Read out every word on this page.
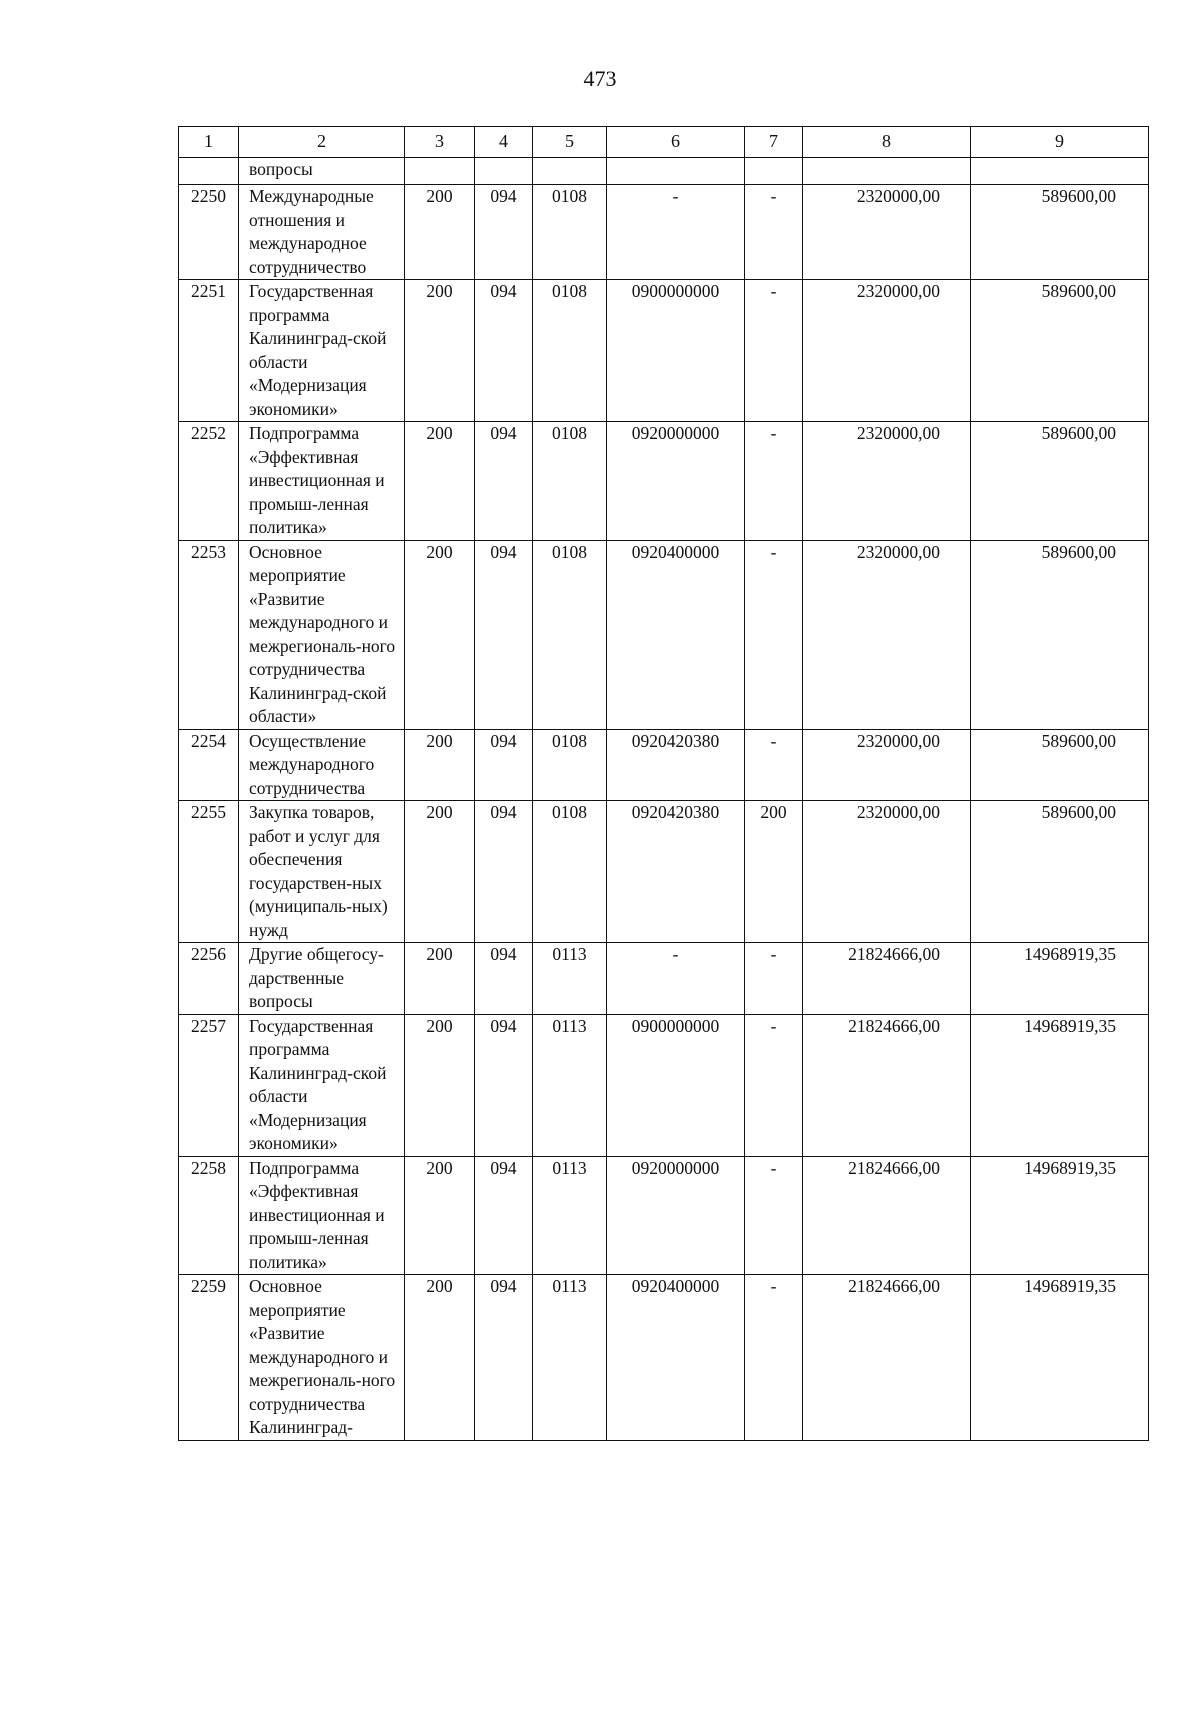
473
1	2	3	4	5	6	7	8	9
	вопросы							
2250	Международные отношения и международное сотрудничество	200	094	0108	-	-	2320000,00	589600,00
2251	Государственная программа Калининград-ской области «Модернизация экономики»	200	094	0108	0900000000	-	2320000,00	589600,00
2252	Подпрограмма «Эффективная инвестиционная и промыш-ленная политика»	200	094	0108	0920000000	-	2320000,00	589600,00
2253	Основное мероприятие «Развитие международного и межрегиональ-ного сотрудничества Калининград-ской области»	200	094	0108	0920400000	-	2320000,00	589600,00
2254	Осуществление международного сотрудничества	200	094	0108	0920420380	-	2320000,00	589600,00
2255	Закупка товаров, работ и услуг для обеспечения государствен-ных (муниципаль-ных) нужд	200	094	0108	0920420380	200	2320000,00	589600,00
2256	Другие общегосу-дарственные вопросы	200	094	0113	-	-	21824666,00	14968919,35
2257	Государственная программа Калининград-ской области «Модернизация экономики»	200	094	0113	0900000000	-	21824666,00	14968919,35
2258	Подпрограмма «Эффективная инвестиционная и промыш-ленная политика»	200	094	0113	0920000000	-	21824666,00	14968919,35
2259	Основное мероприятие «Развитие международного и межрегиональ-ного сотрудничества Калининград-	200	094	0113	0920400000	-	21824666,00	14968919,35
